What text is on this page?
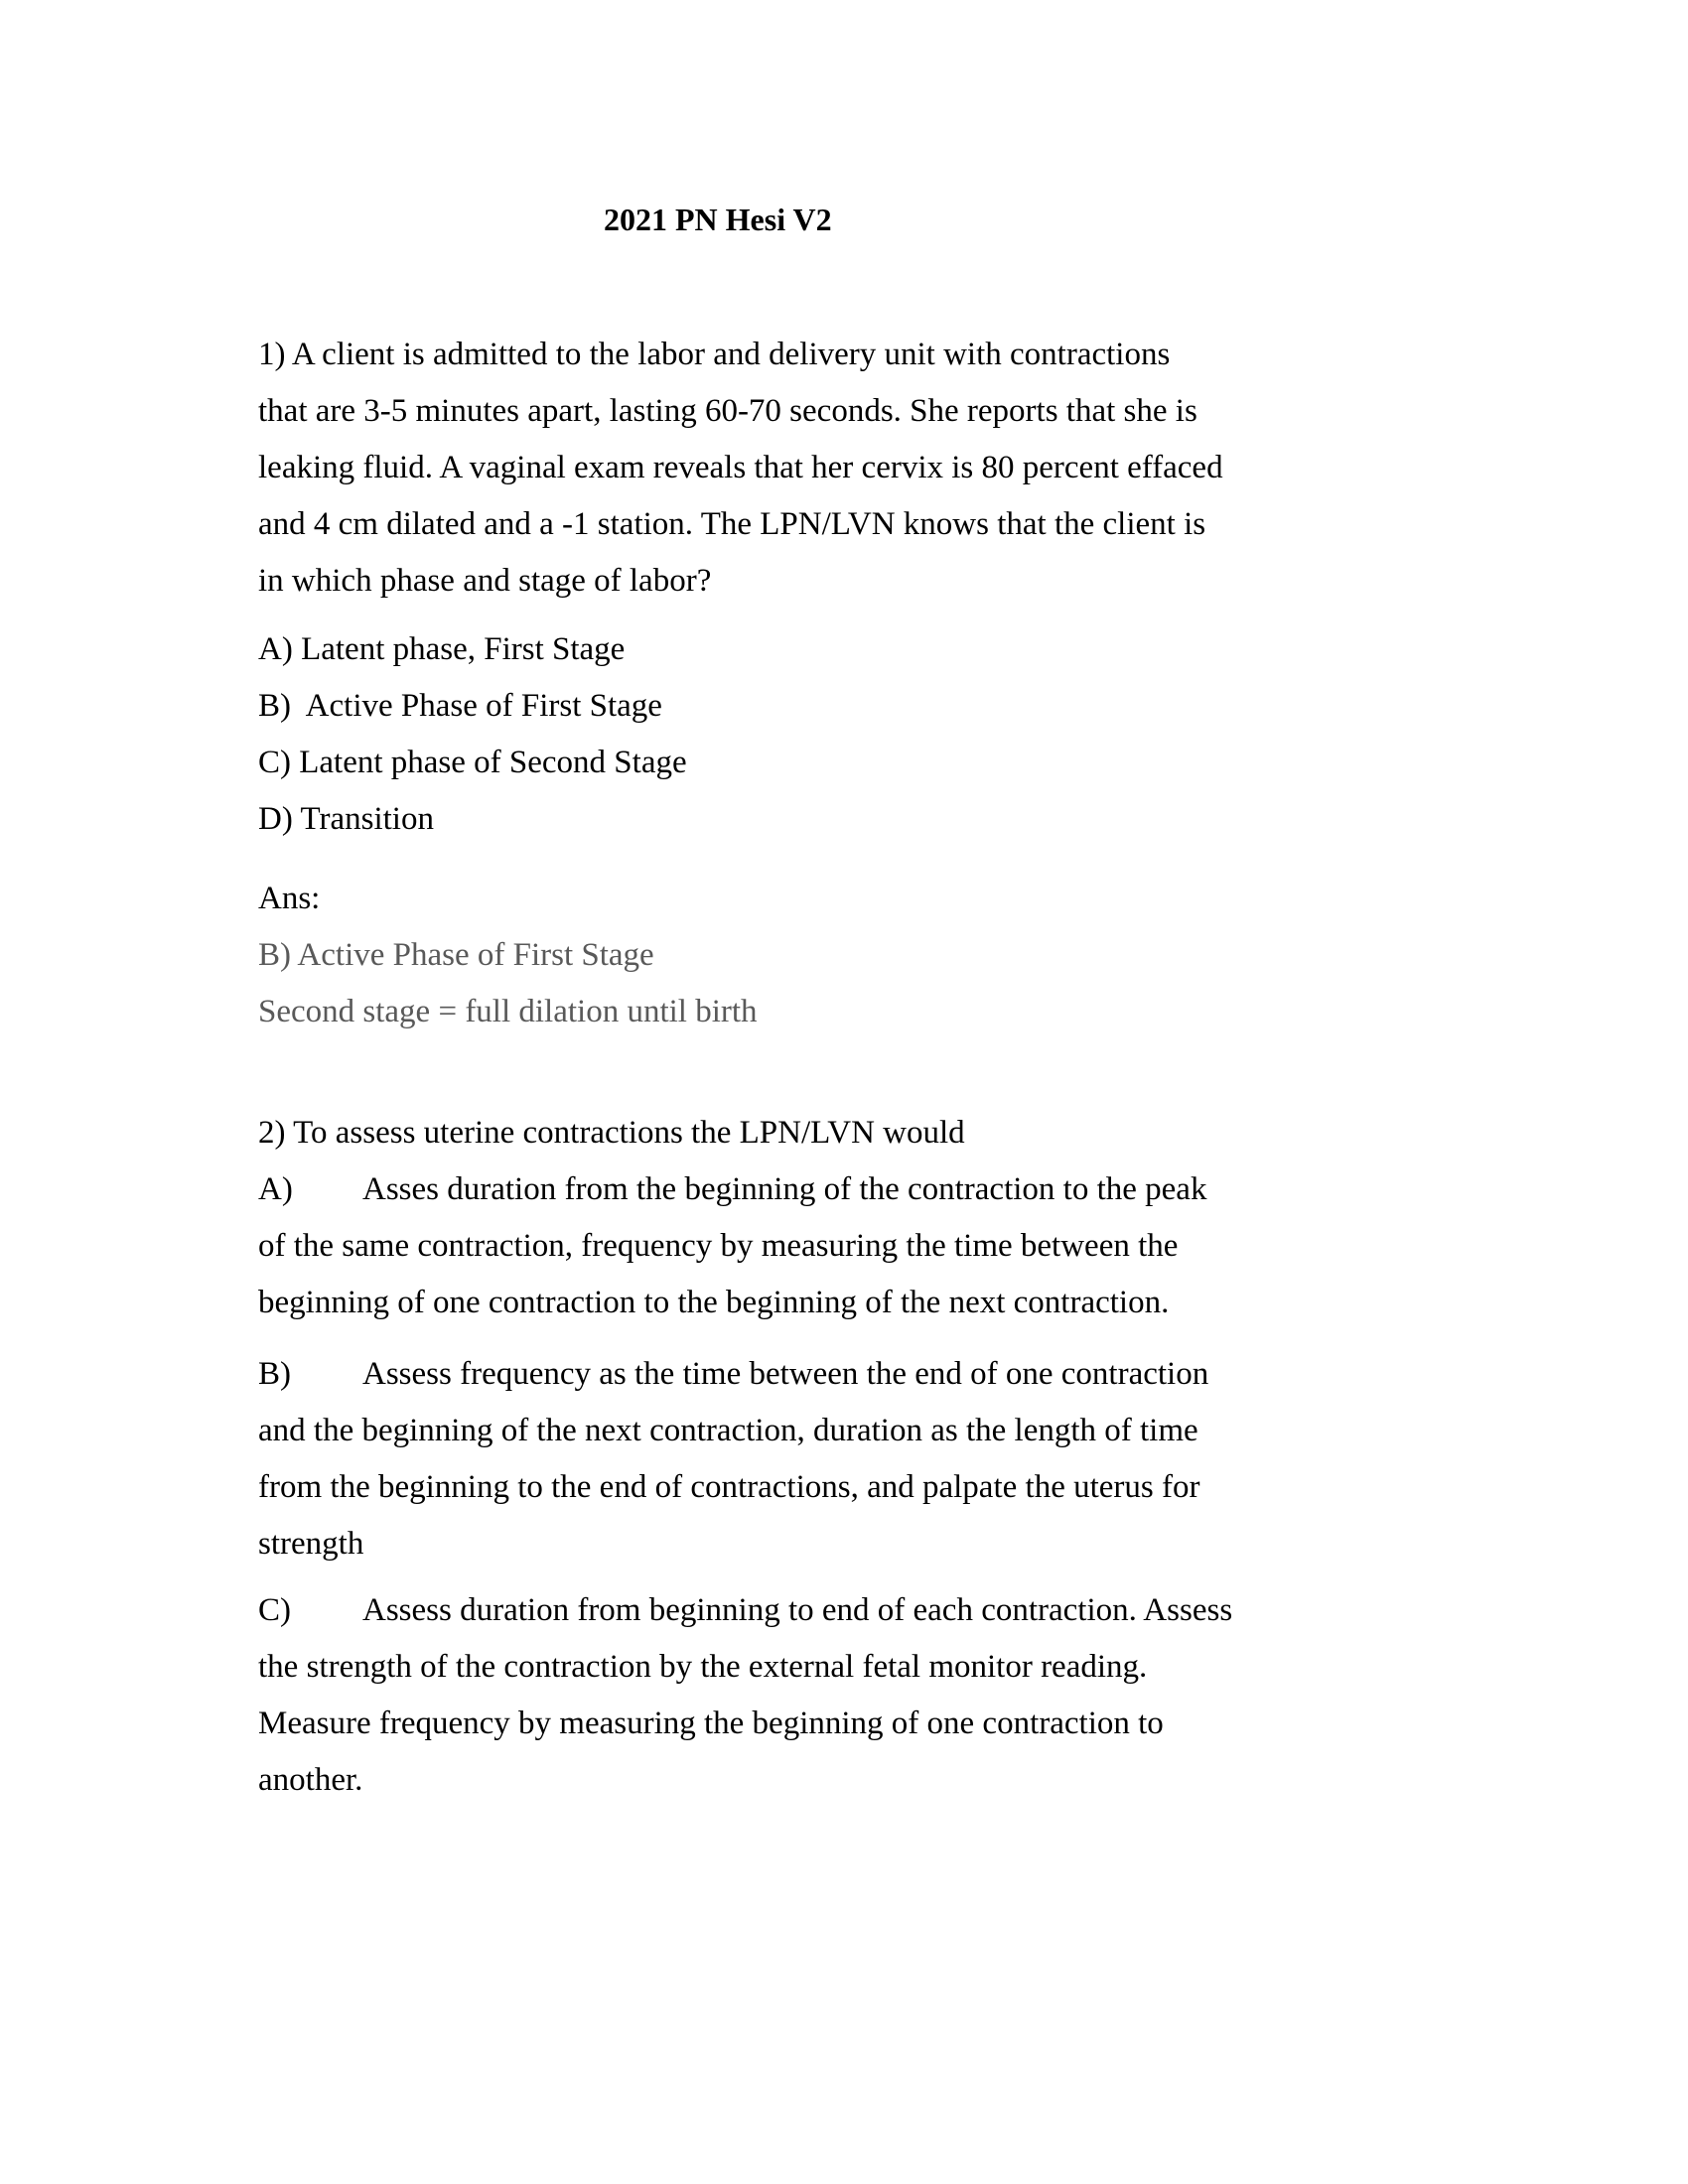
2021 PN Hesi V2
1) A client is admitted to the labor and delivery unit with contractions
that are 3-5 minutes apart, lasting 60-70 seconds. She reports that she is
leaking fluid. A vaginal exam reveals that her cervix is 80 percent effaced
and 4 cm dilated and a -1 station. The LPN/LVN knows that the client is
in which phase and stage of labor?
A) Latent phase, First Stage
B)  Active Phase of First Stage
C) Latent phase of Second Stage
D) Transition
Ans:
B) Active Phase of First Stage
Second stage = full dilation until birth
2) To assess uterine contractions the LPN/LVN would
A) Asses duration from the beginning of the contraction to the peak
of the same contraction, frequency by measuring the time between the
beginning of one contraction to the beginning of the next contraction.
B) Assess frequency as the time between the end of one contraction
and the beginning of the next contraction, duration as the length of time
from the beginning to the end of contractions, and palpate the uterus for
strength
C) Assess duration from beginning to end of each contraction. Assess
the strength of the contraction by the external fetal monitor reading.
Measure frequency by measuring the beginning of one contraction to
another.
